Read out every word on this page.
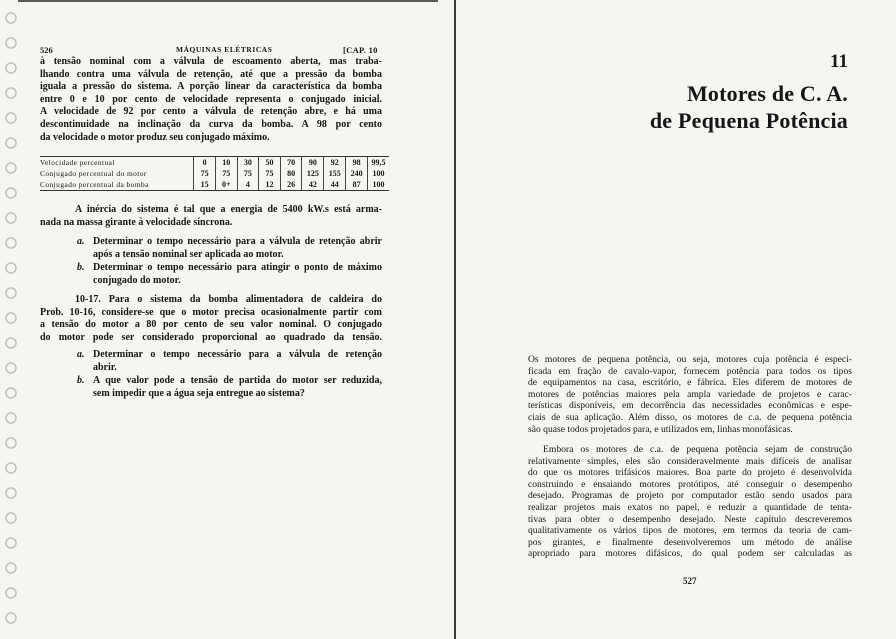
526	MÁQUINAS ELÉTRICAS	[CAP. 10
à tensão nominal com a válvula de escoamento aberta, mas traba-
lhando contra uma válvula de retenção, até que a pressão da bomba
iguala a pressão do sistema. A porção linear da característica da bomba
entre 0 e 10 por cento de velocidade representa o conjugado inicial.
A velocidade de 92 por cento a válvula de retenção abre, e há uma
descontinuidade na inclinação da curva da bomba. A 98 por cento
da velocidade o motor produz seu conjugado máximo.
Velocidade percentual	0	10	30	50	70	90	92	98	99,5
Conjugado percentual do motor	75	75	75	75	80	125	155	240	100
Conjugado percentual da bomba	15	0+	4	12	26	42	44	87	100
A inércia do sistema é tal que a energia de 5400 kW.s está arma-
nada na massa girante à velocidade síncrona.
a. Determinar o tempo necessário para a válvula de retenção abrir
após a tensão nominal ser aplicada ao motor.
b. Determinar o tempo necessário para atingir o ponto de máximo
conjugado do motor.
10-17. Para o sistema da bomba alimentadora de caldeira do
Prob. 10-16, considere-se que o motor precisa ocasionalmente partir com
a tensão do motor a 80 por cento de seu valor nominal. O conjugado
do motor pode ser considerado proporcional ao quadrado da tensão.
a. Determinar o tempo necessário para a válvula de retenção
abrir.
b. A que valor pode a tensão de partida do motor ser reduzida,
sem impedir que a água seja entregue ao sistema?
11
Motores de C. A.
de Pequena Potência
Os motores de pequena potência, ou seja, motores cuja potência é especi-
ficada em fração de cavalo-vapor, fornecem potência para todos os tipos
de equipamentos na casa, escritório, e fábrica. Eles diferem de motores de
motores de potências maiores pela ampla variedade de projetos e carac-
terísticas disponíveis, em decorrência das necessidades econômicas e espe-
ciais de sua aplicação. Além disso, os motores de c.a. de pequena potência
são quase todos projetados para, e utilizados em, linhas monofásicas.
Embora os motores de c.a. de pequena potência sejam de construção
relativamente simples, eles são consideravelmente mais difíceis de analisar
do que os motores trifásicos maiores. Boa parte do projeto é desenvolvida
construindo e ensaiando motores protótipos, até conseguir o desempenho
desejado. Programas de projeto por computador estão sendo usados para
realizar projetos mais exatos no papel, e reduzir a quantidade de tenta-
tivas para obter o desempenho desejado. Neste capítulo descreveremos
qualitativamente os vários tipos de motores, em termos da teoria de cam-
pos girantes, e finalmente desenvolveremos um método de análise
apropriado para motores difásicos, do qual podem ser calculadas as
527
